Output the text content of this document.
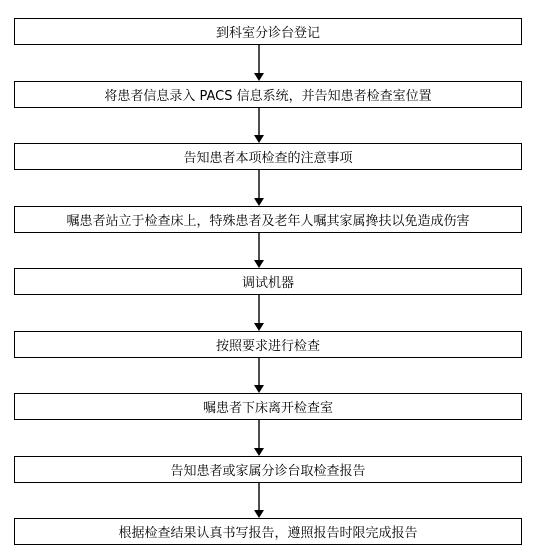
到科室分诊台登记
将患者信息录入 PACS 信息系统，并告知患者检查室位置
告知患者本项检查的注意事项
嘱患者站立于检查床上，特殊患者及老年人嘱其家属搀扶以免造成伤害
调试机器
按照要求进行检查
嘱患者下床离开检查室
告知患者或家属分诊台取检查报告
根据检查结果认真书写报告，遵照报告时限完成报告
